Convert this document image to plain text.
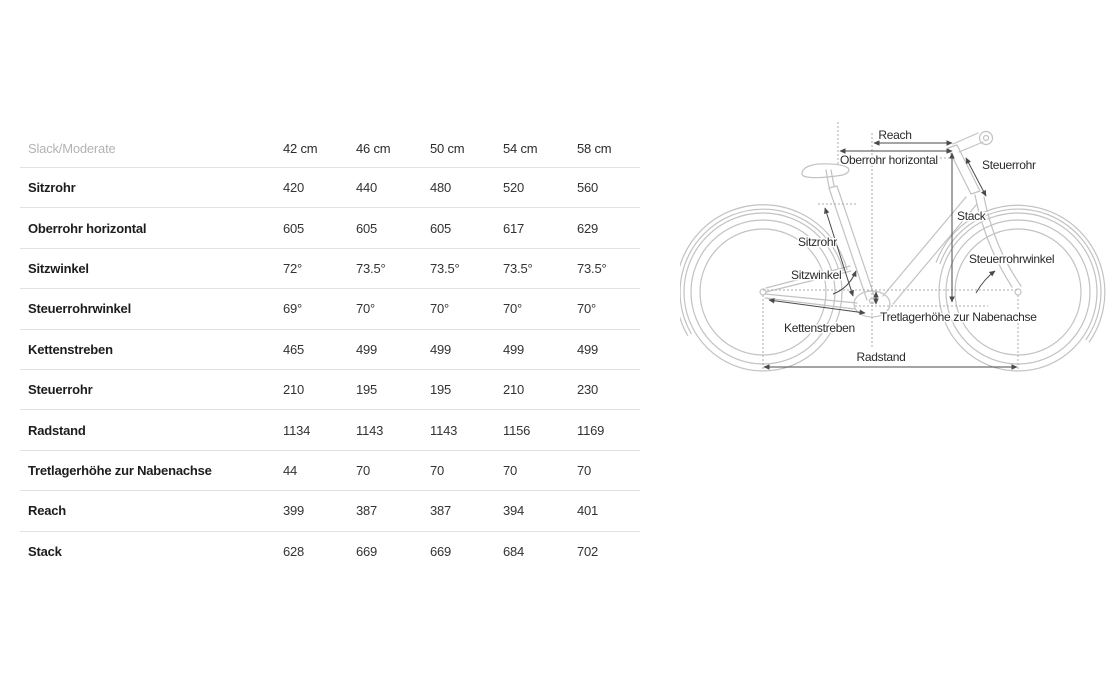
Slack/Moderate	42 cm	46 cm	50 cm	54 cm	58 cm
Sitzrohr	420	440	480	520	560
Oberrohr horizontal	605	605	605	617	629
Sitzwinkel	72°	73.5°	73.5°	73.5°	73.5°
Steuerrohrwinkel	69°	70°	70°	70°	70°
Kettenstreben	465	499	499	499	499
Steuerrohr	210	195	195	210	230
Radstand	1134	1143	1143	1156	1169
Tretlagerhöhe zur Nabenachse	44	70	70	70	70
Reach	399	387	387	394	401
Stack	628	669	669	684	702
Reach
Oberrohr horizontal	Steuerrohr
Stack
Sitzrohr
Sitzwinkel
Steuerrohrwinkel
Tretlagerhöhe zur Nabenachse
Kettenstreben
Radstand
